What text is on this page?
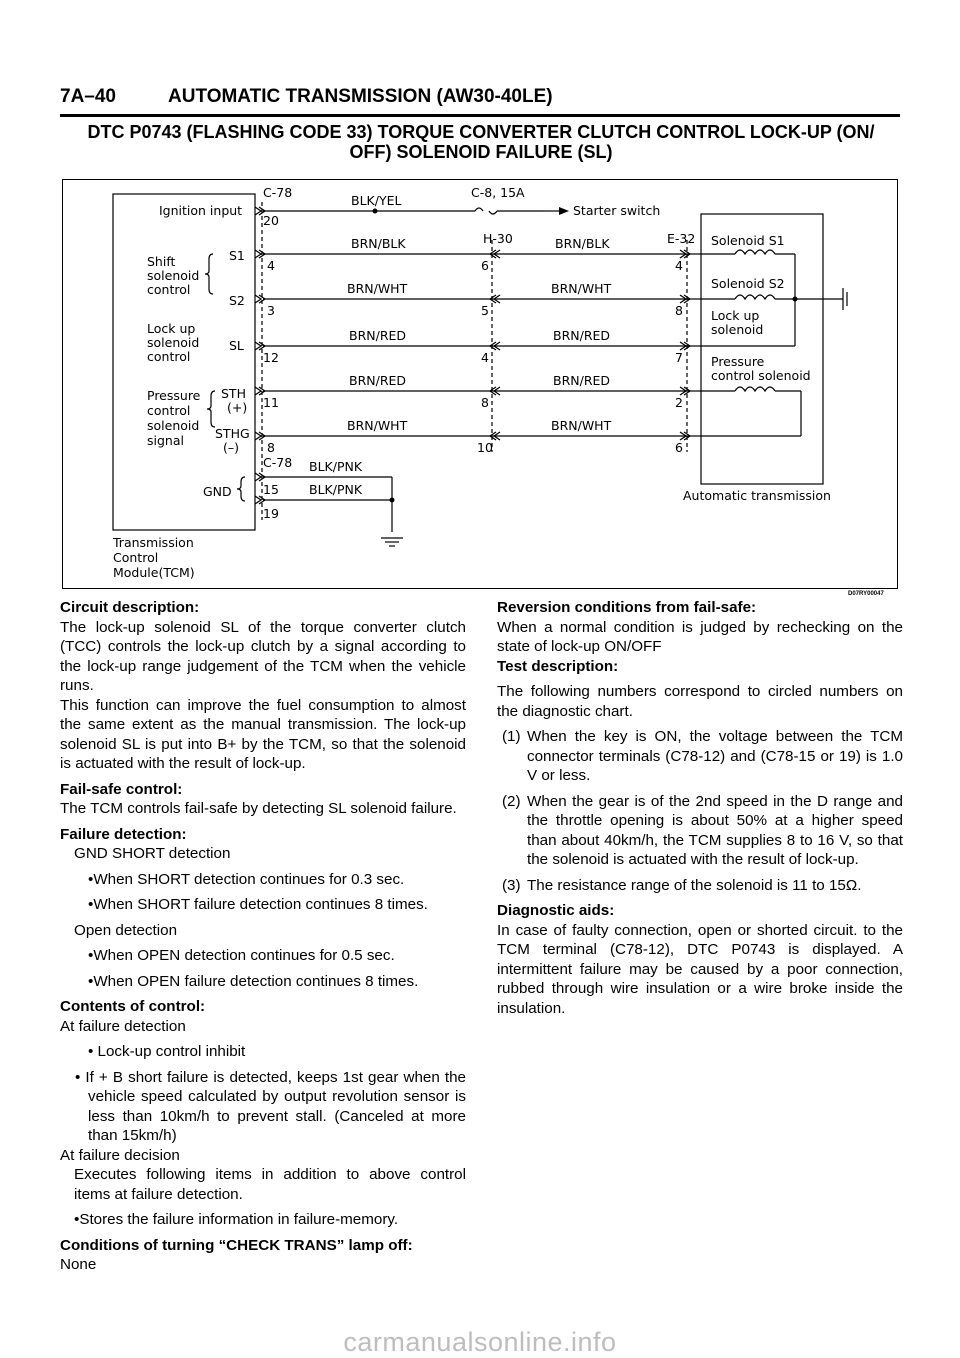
7A–40	AUTOMATIC TRANSMISSION (AW30-40LE)
DTC P0743 (FLASHING CODE 33) TORQUE CONVERTER CLUTCH CONTROL LOCK-UP (ON/
OFF) SOLENOID FAILURE (SL)
Ignition input
Shift
solenoid
control
S1
S2
Lock up
solenoid
control
SL
Pressure
control
solenoid
signal
STH
(+)
STHG
(–)
GND
Transmission
Control
Module(TCM)
C-78
C-78
C-8, 15A
H-30	E-32
Starter switch
BLK/YEL
BRN/BLK	BRN/BLK
BRN/WHT	BRN/WHT
BRN/RED	BRN/RED
BRN/RED	BRN/RED
BRN/WHT	BRN/WHT
BLK/PNK
BLK/PNK
20
4	6	4
3	5	8
12	4	7
11	8	2
8	10	6
15
19
Solenoid S1
Solenoid S2
Lock up
solenoid
Pressure
control solenoid
Automatic transmission
D07RY00047
Circuit description:
The lock-up solenoid SL of the torque converter clutch (TCC) controls the lock-up clutch by a signal according to the lock-up range judgement of the TCM when the vehicle runs.
This function can improve the fuel consumption to almost the same extent as the manual transmission. The lock-up solenoid SL is put into B+ by the TCM, so that the solenoid is actuated with the result of lock-up.
Fail-safe control:
The TCM controls fail-safe by detecting SL solenoid failure.
Failure detection:
GND SHORT detection
•When SHORT detection continues for 0.3 sec.
•When SHORT failure detection continues 8 times.
Open detection
•When OPEN detection continues for 0.5 sec.
•When OPEN failure detection continues 8 times.
Contents of control:
At failure detection
• Lock-up control inhibit
• If + B short failure is detected, keeps 1st gear when the vehicle speed calculated by output revolution sensor is less than 10km/h to prevent stall. (Canceled at more than 15km/h)
At failure decision
Executes following items in addition to above control items at failure detection.
•Stores the failure information in failure-memory.
Conditions of turning “CHECK TRANS” lamp off:
None
Reversion conditions from fail-safe:
When a normal condition is judged by rechecking on the state of lock-up ON/OFF
Test description:
The following numbers correspond to circled numbers on the diagnostic chart.
(1) When the key is ON, the voltage between the TCM connector terminals (C78-12) and (C78-15 or 19) is 1.0 V or less.
(2) When the gear is of the 2nd speed in the D range and the throttle opening is about 50% at a higher speed than about 40km/h, the TCM supplies 8 to 16 V, so that the solenoid is actuated with the result of lock-up.
(3) The resistance range of the solenoid is 11 to 15Ω.
Diagnostic aids:
In case of faulty connection, open or shorted circuit. to the TCM terminal (C78-12), DTC P0743 is displayed. A intermittent failure may be caused by a poor connection, rubbed through wire insulation or a wire broke inside the insulation.
carmanualsonline.info
